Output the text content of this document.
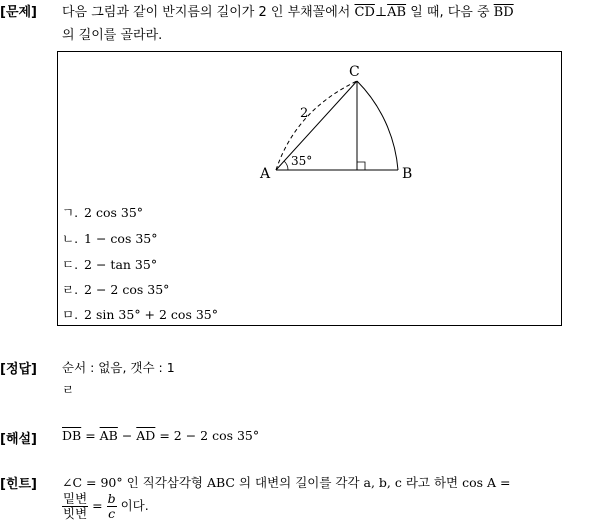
[문제] 다음 그림과 같이 반지름의 길이가 2 인 부채꼴에서 $\overline{CD}\perp\overline{AB}$ 일 때, 다음 중 $\overline{BD}$
의 길이를 골라라.
A	B
C
2
35°
ㄱ. 2 cos 35°
ㄴ. 1 − cos 35°
ㄷ. 2 − tan 35°
ㄹ. 2 − 2 cos 35°
ㅁ. 2 sin 35° + 2 cos 35°
[정답] 순서 : 없음, 갯수 : 1
ㄹ
[해설] $\overline{DB} = \overline{AB} - \overline{AD} = 2 - 2$ cos 35°
[힌트] ∠C = 90° 인 직각삼각형 ABC 의 대변의 길이를 각각 a, b, c 라고 하면 cos A =
$\frac{\text{밑변}}{\text{빗변}} = \frac{b}{c}$ 이다.
